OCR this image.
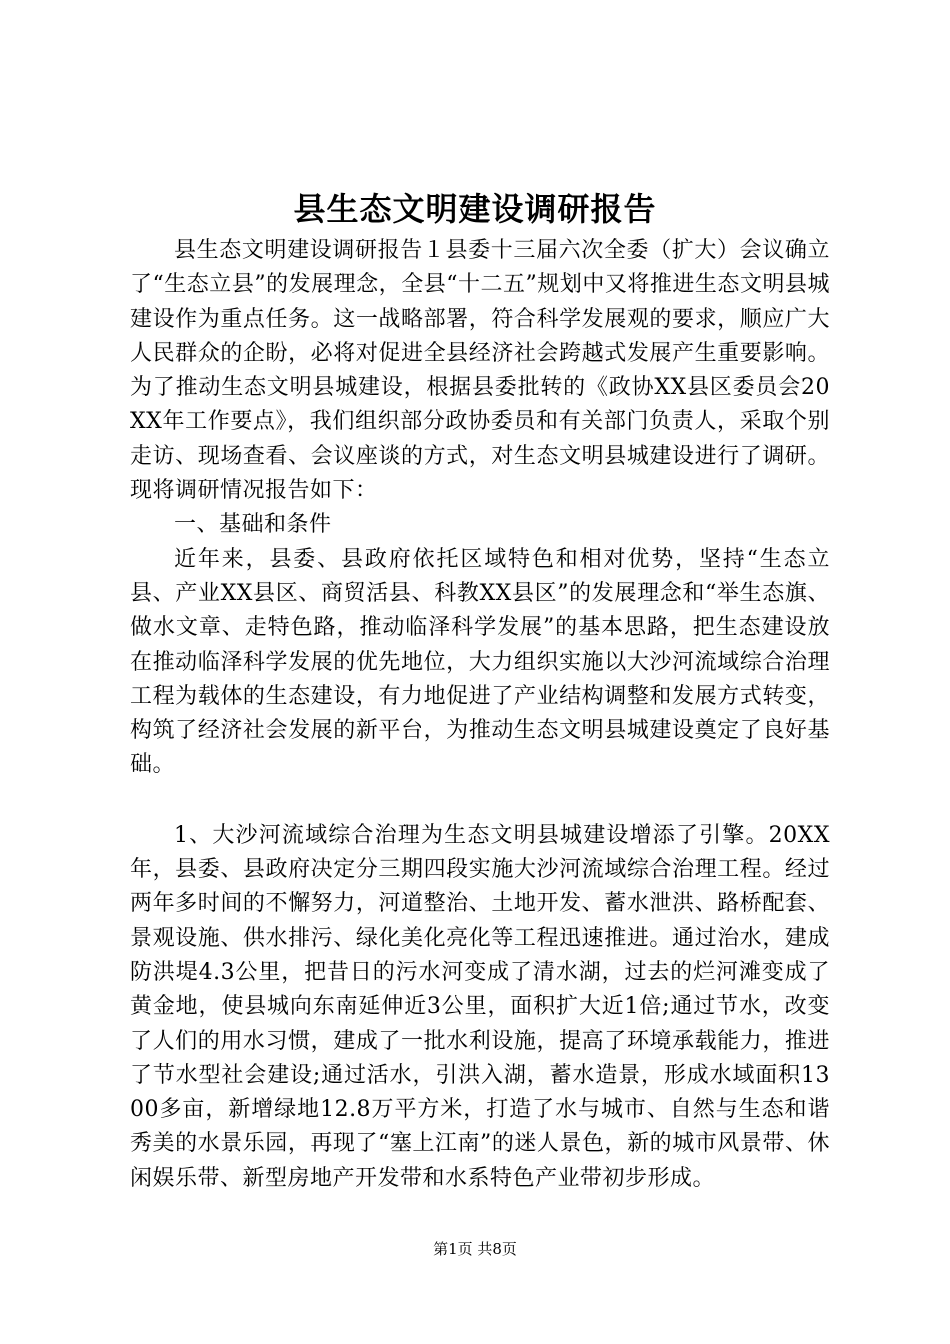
县生态文明建设调研报告

县生态文明建设调研报告１县委十三届六次全委（扩大）会议确立了“生态立县”的发展理念，全县“十二五”规划中又将推进生态文明县城建设作为重点任务。这一战略部署，符合科学发展观的要求，顺应广大人民群众的企盼，必将对促进全县经济社会跨越式发展产生重要影响。为了推动生态文明县城建设，根据县委批转的《政协XX县区委员会20XX年工作要点》，我们组织部分政协委员和有关部门负责人，采取个别走访、现场查看、会议座谈的方式，对生态文明县城建设进行了调研。现将调研情况报告如下：

一、基础和条件

近年来，县委、县政府依托区域特色和相对优势，坚持“生态立县、产业XX县区、商贸活县、科教XX县区”的发展理念和“举生态旗、做水文章、走特色路，推动临泽科学发展”的基本思路，把生态建设放在推动临泽科学发展的优先地位，大力组织实施以大沙河流域综合治理工程为载体的生态建设，有力地促进了产业结构调整和发展方式转变，构筑了经济社会发展的新平台，为推动生态文明县城建设奠定了良好基础。

1、大沙河流域综合治理为生态文明县城建设增添了引擎。20XX年，县委、县政府决定分三期四段实施大沙河流域综合治理工程。经过两年多时间的不懈努力，河道整治、土地开发、蓄水泄洪、路桥配套、景观设施、供水排污、绿化美化亮化等工程迅速推进。通过治水，建成防洪堤4.3公里，把昔日的污水河变成了清水湖，过去的烂河滩变成了黄金地，使县城向东南延伸近3公里，面积扩大近1倍;通过节水，改变了人们的用水习惯，建成了一批水利设施，提高了环境承载能力，推进了节水型社会建设;通过活水，引洪入湖，蓄水造景，形成水域面积1300多亩，新增绿地12.8万平方米，打造了水与城市、自然与生态和谐秀美的水景乐园，再现了“塞上江南”的迷人景色，新的城市风景带、休闲娱乐带、新型房地产开发带和水系特色产业带初步形成。

第1页 共8页
